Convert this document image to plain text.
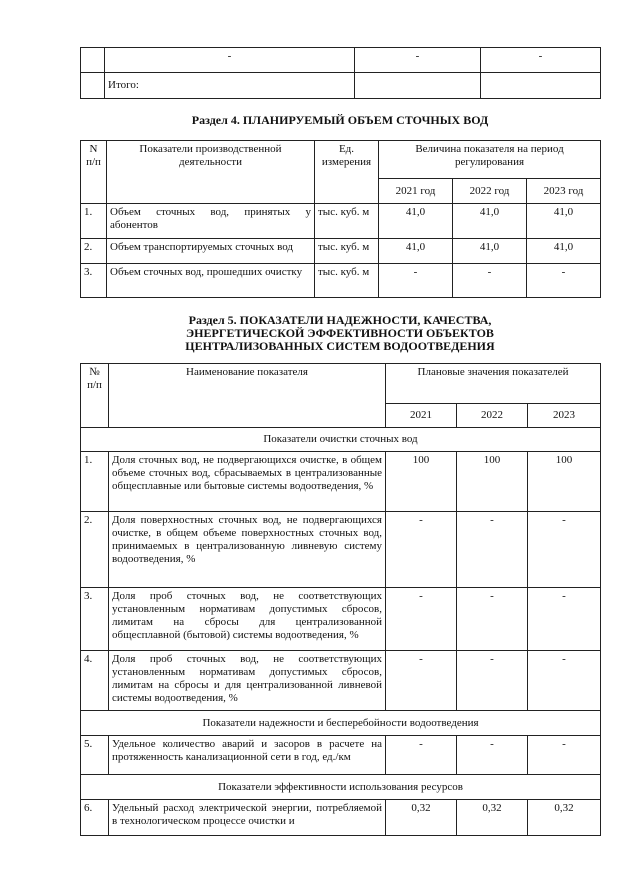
	-	-	-
	Итого:		
Раздел 4. ПЛАНИРУЕМЫЙ ОБЪЕМ СТОЧНЫХ ВОД
N п/п	Показатели производственной деятельности	Ед. измерения	Величина показателя на период регулирования		
			2021 год	2022 год	2023 год
1.	Объем сточных вод, принятых у абонентов	тыс. куб. м	41,0	41,0	41,0
2.	Объем транспортируемых сточных вод	тыс. куб. м	41,0	41,0	41,0
3.	Объем сточных вод, прошедших очистку	тыс. куб. м	-	-	-
Раздел 5. ПОКАЗАТЕЛИ НАДЕЖНОСТИ, КАЧЕСТВА,
ЭНЕРГЕТИЧЕСКОЙ ЭФФЕКТИВНОСТИ ОБЪЕКТОВ
ЦЕНТРАЛИЗОВАННЫХ СИСТЕМ ВОДООТВЕДЕНИЯ
№ п/п	Наименование показателя	Плановые значения показателей		
		2021	2022	2023
Показатели очистки сточных вод				
1.	Доля сточных вод, не подвергающихся очистке, в общем объеме сточных вод, сбрасываемых в централизованные общесплавные или бытовые системы водоотведения, %	100	100	100
2.	Доля поверхностных сточных вод, не подвергающихся очистке, в общем объеме поверхностных сточных вод, принимаемых в централизованную ливневую систему водоотведения, %	-	-	-
3.	Доля проб сточных вод, не соответствующих установленным нормативам допустимых сбросов, лимитам на сбросы для централизованной общесплавной (бытовой) системы водоотведения, %	-	-	-
4.	Доля проб сточных вод, не соответствующих установленным нормативам допустимых сбросов, лимитам на сбросы и для централизованной ливневой системы водоотведения, %	-	-	-
Показатели надежности и бесперебойности водоотведения				
5.	Удельное количество аварий и засоров в расчете на протяженность канализационной сети в год, ед./км	-	-	-
Показатели эффективности использования ресурсов				
6.	Удельный расход электрической энергии, потребляемой в технологическом процессе очистки и	0,32	0,32	0,32
